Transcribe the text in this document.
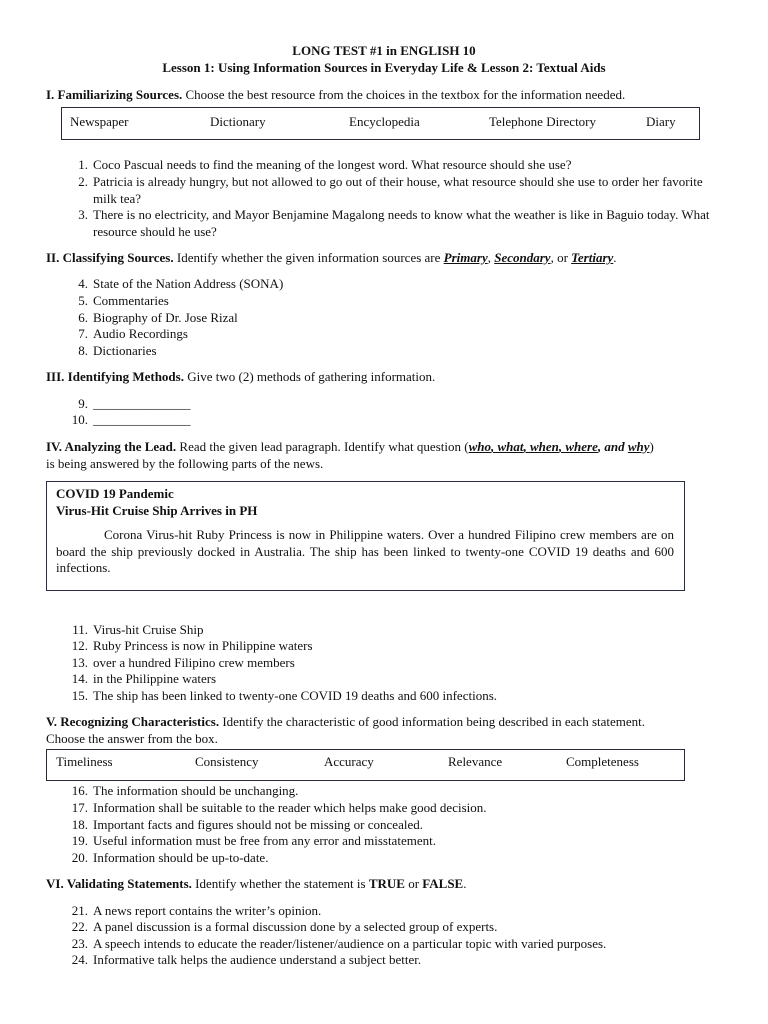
LONG TEST #1 in ENGLISH 10
Lesson 1: Using Information Sources in Everyday Life & Lesson 2: Textual Aids
I. Familiarizing Sources. Choose the best resource from the choices in the textbox for the information needed.
Newspaper	Dictionary	Encyclopedia	Telephone Directory	Diary
1. Coco Pascual needs to find the meaning of the longest word. What resource should she use?
2. Patricia is already hungry, but not allowed to go out of their house, what resource should she use to order her favorite milk tea?
3. There is no electricity, and Mayor Benjamine Magalong needs to know what the weather is like in Baguio today. What resource should he use?
II. Classifying Sources. Identify whether the given information sources are Primary, Secondary, or Tertiary.
4. State of the Nation Address (SONA)
5. Commentaries
6. Biography of Dr. Jose Rizal
7. Audio Recordings
8. Dictionaries
III. Identifying Methods. Give two (2) methods of gathering information.
9. _______________
10. _______________
IV. Analyzing the Lead. Read the given lead paragraph. Identify what question (who, what, when, where, and why)
is being answered by the following parts of the news.
COVID 19 Pandemic
Virus-Hit Cruise Ship Arrives in PH
Corona Virus-hit Ruby Princess is now in Philippine waters. Over a hundred Filipino crew members are on board the ship previously docked in Australia. The ship has been linked to twenty-one COVID 19 deaths and 600 infections.
11. Virus-hit Cruise Ship
12. Ruby Princess is now in Philippine waters
13. over a hundred Filipino crew members
14. in the Philippine waters
15. The ship has been linked to twenty-one COVID 19 deaths and 600 infections.
V. Recognizing Characteristics. Identify the characteristic of good information being described in each statement.
Choose the answer from the box.
Timeliness	Consistency	Accuracy	Relevance	Completeness
16. The information should be unchanging.
17. Information shall be suitable to the reader which helps make good decision.
18. Important facts and figures should not be missing or concealed.
19. Useful information must be free from any error and misstatement.
20. Information should be up-to-date.
VI. Validating Statements. Identify whether the statement is TRUE or FALSE.
21. A news report contains the writer’s opinion.
22. A panel discussion is a formal discussion done by a selected group of experts.
23. A speech intends to educate the reader/listener/audience on a particular topic with varied purposes.
24. Informative talk helps the audience understand a subject better.
